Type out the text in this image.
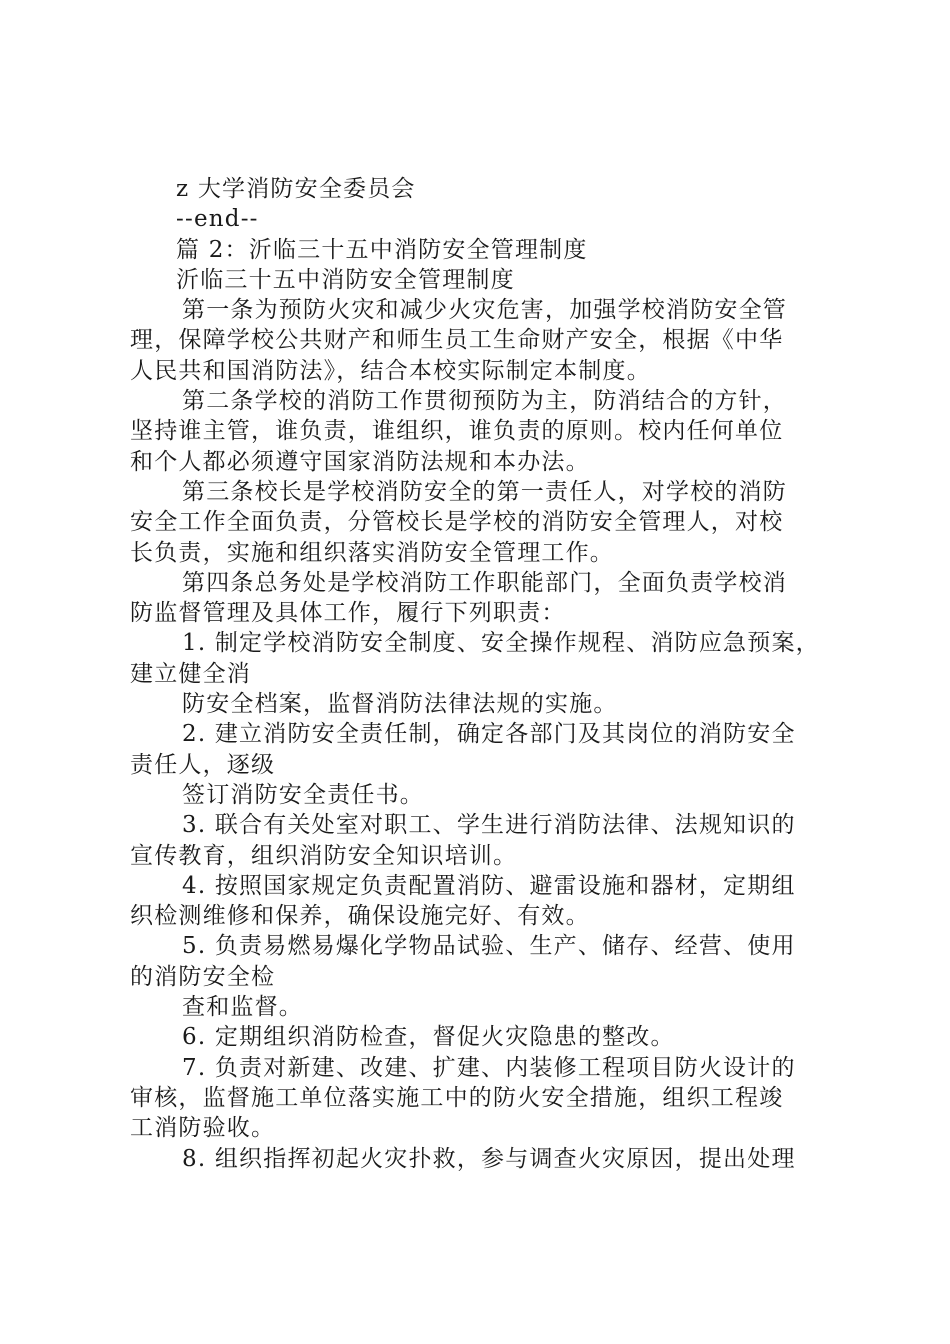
z 大学消防安全委员会
--end--
篇 2：沂临三十五中消防安全管理制度
沂临三十五中消防安全管理制度
第一条为预防火灾和减少火灾危害，加强学校消防安全管
理，保障学校公共财产和师生员工生命财产安全，根据《中华
人民共和国消防法》，结合本校实际制定本制度。
第二条学校的消防工作贯彻预防为主，防消结合的方针，
坚持谁主管，谁负责，谁组织，谁负责的原则。校内任何单位
和个人都必须遵守国家消防法规和本办法。
第三条校长是学校消防安全的第一责任人，对学校的消防
安全工作全面负责，分管校长是学校的消防安全管理人，对校
长负责，实施和组织落实消防安全管理工作。
第四条总务处是学校消防工作职能部门，全面负责学校消
防监督管理及具体工作，履行下列职责：
1. 制定学校消防安全制度、安全操作规程、消防应急预案，
建立健全消
防安全档案，监督消防法律法规的实施。
2. 建立消防安全责任制，确定各部门及其岗位的消防安全
责任人，逐级
签订消防安全责任书。
3. 联合有关处室对职工、学生进行消防法律、法规知识的
宣传教育，组织消防安全知识培训。
4. 按照国家规定负责配置消防、避雷设施和器材，定期组
织检测维修和保养，确保设施完好、有效。
5. 负责易燃易爆化学物品试验、生产、储存、经营、使用
的消防安全检
查和监督。
6. 定期组织消防检查，督促火灾隐患的整改。
7. 负责对新建、改建、扩建、内装修工程项目防火设计的
审核，监督施工单位落实施工中的防火安全措施，组织工程竣
工消防验收。
8. 组织指挥初起火灾扑救，参与调查火灾原因，提出处理
